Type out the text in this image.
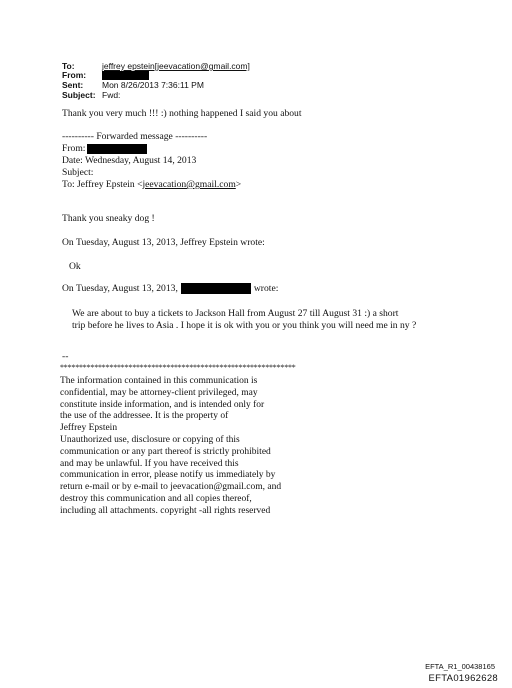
To:	jeffrey epstein[jeevacation@gmail.com]
From:
Sent: Mon 8/26/2013 7:36:11 PM
Subject: Fwd:
Thank you very much !!! :) nothing happened I said you about
---------- Forwarded message ----------
From:
Date: Wednesday, August 14, 2013
Subject:
To: Jeffrey Epstein <jeevacation@gmail.com>
Thank you sneaky dog !
On Tuesday, August 13, 2013, Jeffrey Epstein wrote:
Ok
On Tuesday, August 13, 2013,	wrote:
We are about to buy a tickets to Jackson Hall from August 27 till August 31 :) a short
trip before he lives to Asia . I hope it is ok with you or you think you will need me in ny ?
--
**************************************************************
The information contained in this communication is
confidential, may be attorney-client privileged, may
constitute inside information, and is intended only for
the use of the addressee. It is the property of
Jeffrey Epstein
Unauthorized use, disclosure or copying of this
communication or any part thereof is strictly prohibited
and may be unlawful. If you have received this
communication in error, please notify us immediately by
return e-mail or by e-mail to jeevacation@gmail.com, and
destroy this communication and all copies thereof,
including all attachments. copyright -all rights reserved
EFTA_R1_00438165
EFTA01962628
